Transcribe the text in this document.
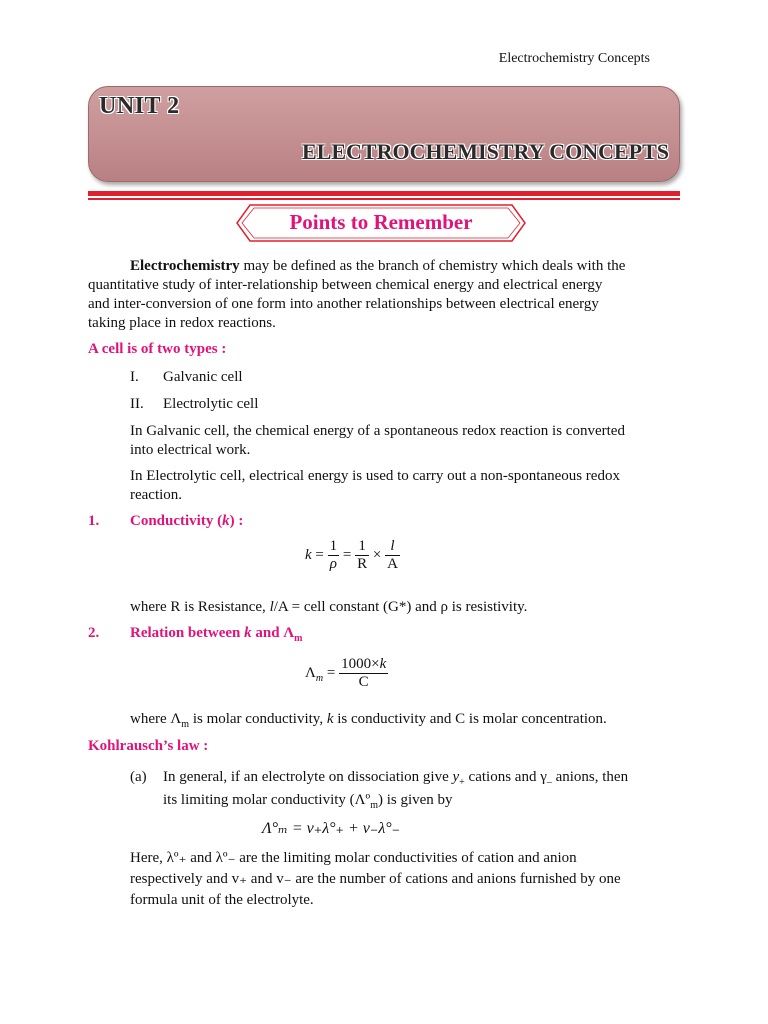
Electrochemistry Concepts
UNIT 2
ELECTROCHEMISTRY CONCEPTS
Points to Remember
Electrochemistry may be defined as the branch of chemistry which deals with the
quantitative study of inter-relationship between chemical energy and electrical energy
and inter-conversion of one form into another relationships between electrical energy
taking place in redox reactions.
A cell is of two types :
I. Galvanic cell
II. Electrolytic cell
In Galvanic cell, the chemical energy of a spontaneous redox reaction is converted
into electrical work.
In Electrolytic cell, electrical energy is used to carry out a non-spontaneous redox
reaction.
1. Conductivity (k) :
$k = \frac{1}{\rho} = \frac{1}{R} \times \frac{l}{A}$
where R is Resistance, l/A = cell constant (G*) and ρ is resistivity.
2. Relation between k and $\Lambda_m$
$\Lambda_m = \frac{1000\times k}{C}$
where $\Lambda_m$ is molar conductivity, k is conductivity and C is molar concentration.
Kohlrausch’s law :
(a) In general, if an electrolyte on dissociation give $y_+$ cations and $\gamma_-$ anions, then
its limiting molar conductivity (Λº$_m$) is given by
Λ°ₘ = ν₊λ°₊ + ν₋λ°₋
Here, λº₊ and λº₋ are the limiting molar conductivities of cation and anion
respectively and v₊ and v₋ are the number of cations and anions furnished by one
formula unit of the electrolyte.
